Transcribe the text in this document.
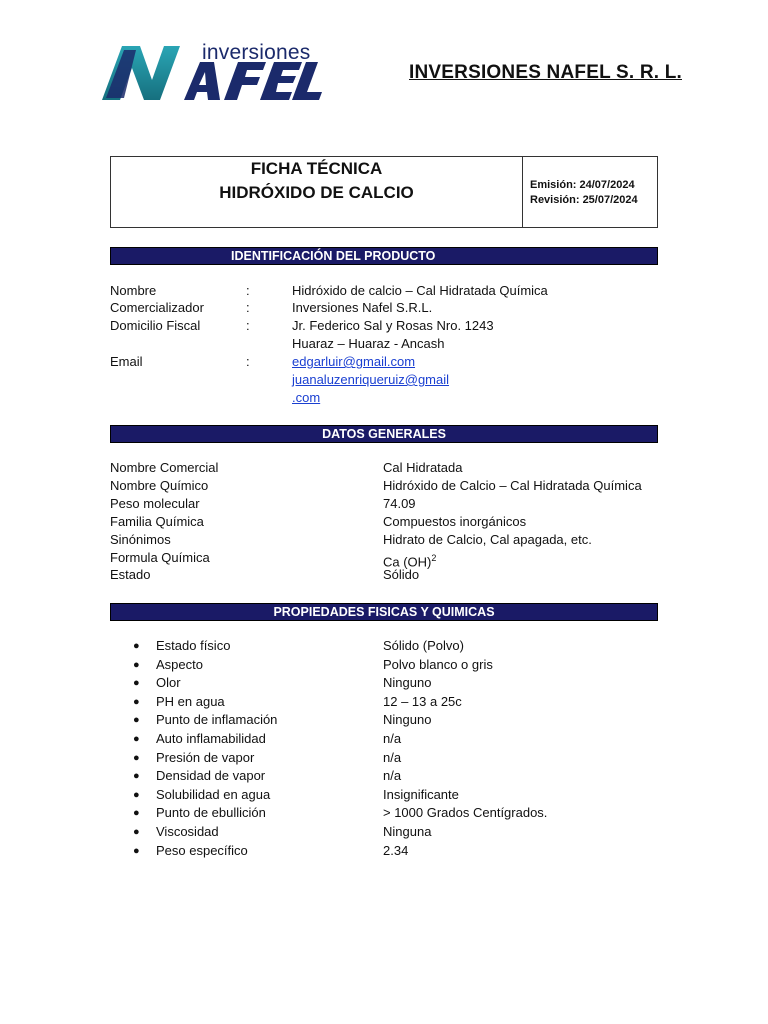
inversiones
INVERSIONES NAFEL S. R. L.
FICHA TÉCNICA
HIDRÓXIDO DE CALCIO	Emisión: 24/07/2024
Revisión: 25/07/2024
IDENTIFICACIÓN DEL PRODUCTO
Nombre	:	Hidróxido de calcio – Cal Hidratada Química
Comercializador	:	Inversiones Nafel S.R.L.
Domicilio Fiscal	:	Jr. Federico Sal y Rosas Nro. 1243
Huaraz – Huaraz - Ancash
Email	:	edgarluir@gmail.com
juanaluzenriqueruiz@gmail
.com
DATOS GENERALES
Nombre Comercial	Cal Hidratada
Nombre Químico	Hidróxido de Calcio – Cal Hidratada Química
Peso molecular	74.09
Familia Química	Compuestos inorgánicos
Sinónimos	Hidrato de Calcio, Cal apagada, etc.
Formula Química	Ca (OH)$^2$
Estado	Sólido
PROPIEDADES FISICAS Y QUIMICAS
● Estado físico	Sólido (Polvo)
● Aspecto	Polvo blanco o gris
● Olor	Ninguno
● PH en agua	12 – 13 a 25c
● Punto de inflamación	Ninguno
● Auto inflamabilidad	n/a
● Presión de vapor	n/a
● Densidad de vapor	n/a
● Solubilidad en agua	Insignificante
● Punto de ebullición	> 1000 Grados Centígrados.
● Viscosidad	Ninguna
● Peso específico	2.34
